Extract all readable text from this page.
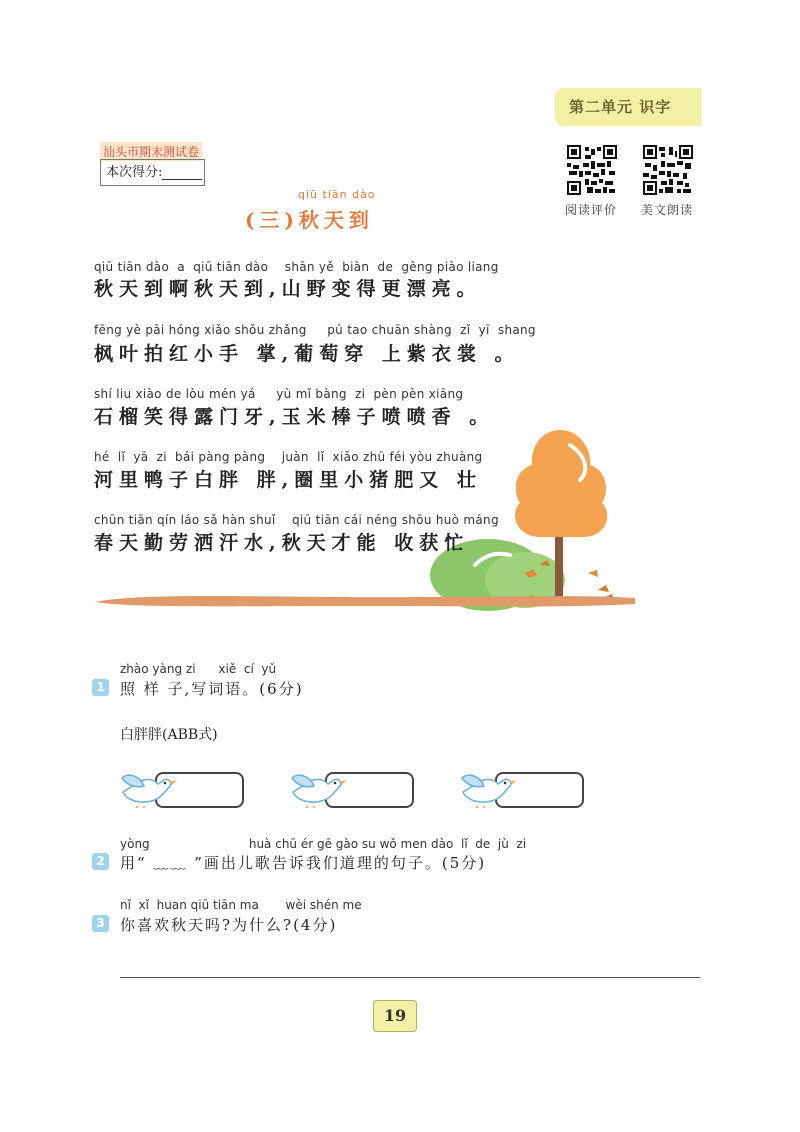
第二单元 识字
汕头市期末测试卷
本次得分:
阅读评价 美文朗读
qiū tiān dào
(三)秋天到
qiū tiān dào  a  qiū tiān dào    shān yě  biàn  de  gèng piào liang
秋天到啊秋天到,山野变得更漂亮。
fēng yè pāi hóng xiǎo shǒu zhǎng     pú tao chuān shàng  zǐ  yī  shang
枫叶拍红小手 掌,葡萄穿 上紫衣裳 。
shí liu xiào de lòu mén yá     yù mǐ bàng  zi  pèn pèn xiāng
石榴笑得露门牙,玉米棒子喷喷香 。
hé  lǐ  yā  zi  bái pàng pàng    juàn  lǐ  xiǎo zhū féi yòu zhuàng
河里鸭子白胖 胖,圈里小猪肥又 壮
chūn tiān qín láo sǎ hàn shuǐ    qiū tiān cái néng shōu huò máng
春天勤劳洒汗水,秋天才能 收获忙
zhào yàng zi      xiě  cí  yǔ
1 照 样 子,写词语。(6分)
白胖胖(ABB式)
yòng                          huà chū ér gē gào su wǒ men dào  lǐ  de  jù  zi
2 用“ ﹏﹏ ”画出儿歌告诉我们道理的句子。(5分)
nǐ  xǐ  huan qiū tiān ma       wèi shén me
3 你喜欢秋天吗?为什么?(4分)
19
